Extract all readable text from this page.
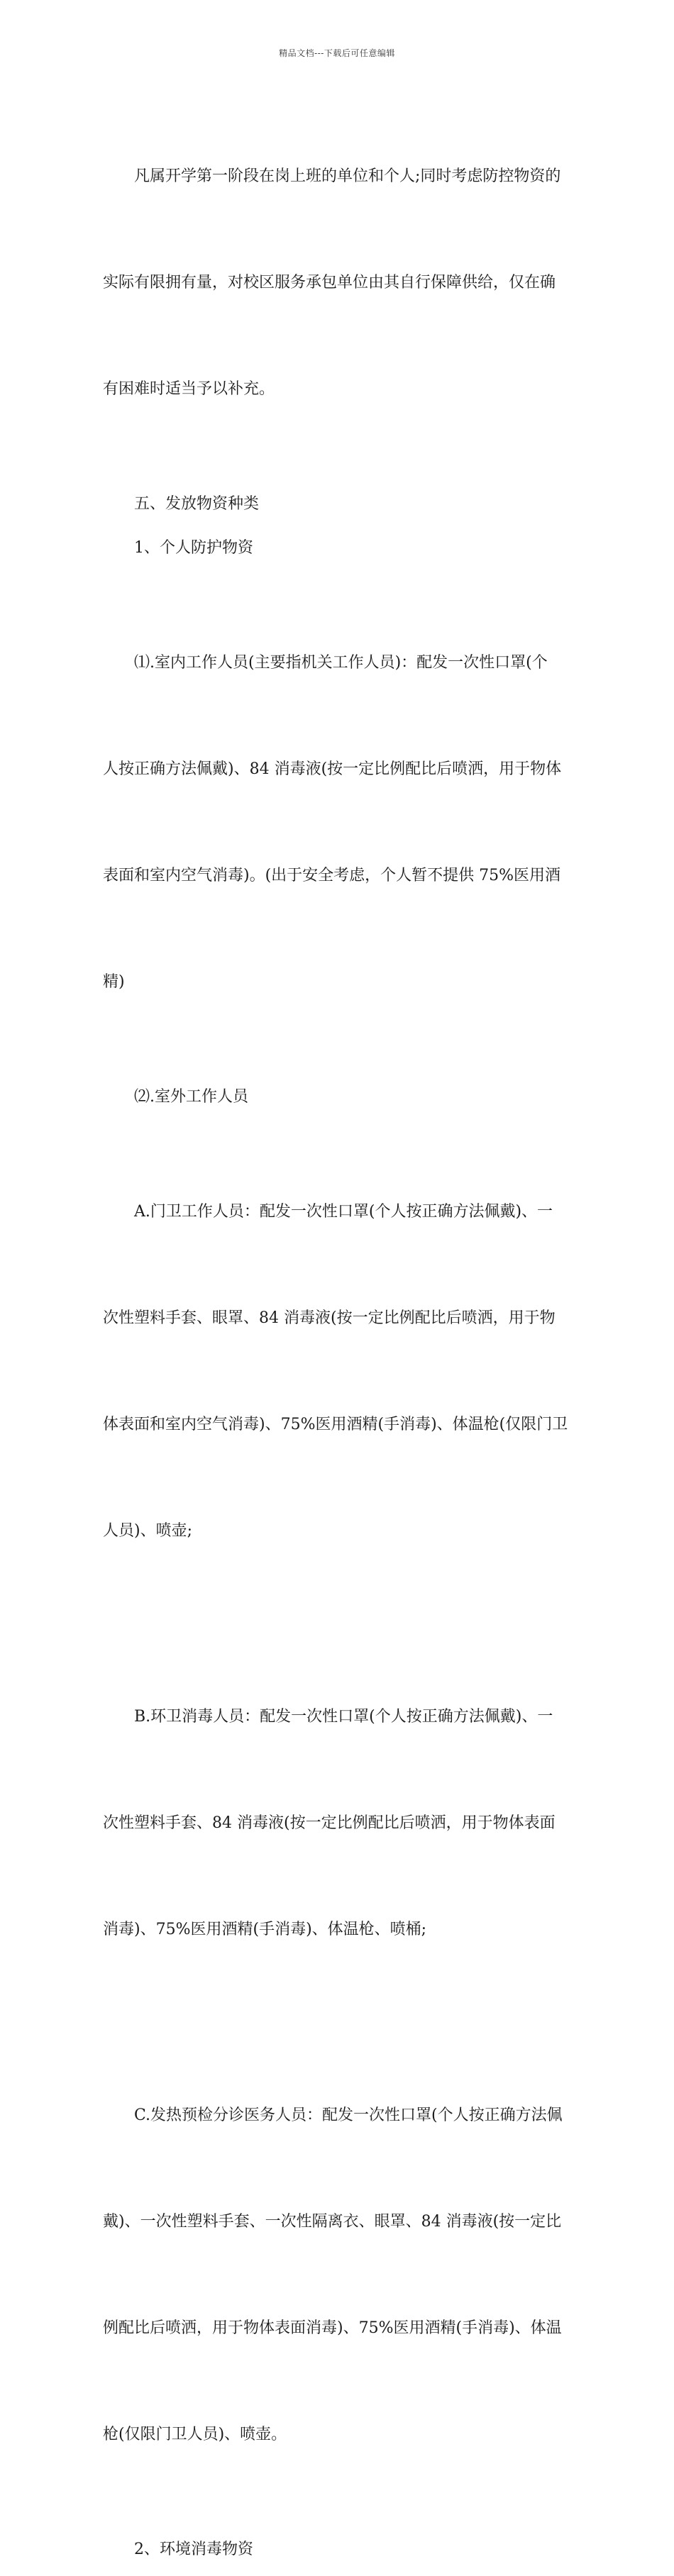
精品文档---下载后可任意编辑

凡属开学第一阶段在岗上班的单位和个人;同时考虑防控物资的

实际有限拥有量，对校区服务承包单位由其自行保障供给，仅在确

有困难时适当予以补充。

五、发放物资种类
1、个人防护物资

⑴.室内工作人员(主要指机关工作人员)：配发一次性口罩(个

人按正确方法佩戴)、84 消毒液(按一定比例配比后喷洒，用于物体

表面和室内空气消毒)。(出于安全考虑，个人暂不提供 75%医用酒

精)

⑵.室外工作人员

A.门卫工作人员：配发一次性口罩(个人按正确方法佩戴)、一

次性塑料手套、眼罩、84 消毒液(按一定比例配比后喷洒，用于物

体表面和室内空气消毒)、75%医用酒精(手消毒)、体温枪(仅限门卫

人员)、喷壶;

B.环卫消毒人员：配发一次性口罩(个人按正确方法佩戴)、一

次性塑料手套、84 消毒液(按一定比例配比后喷洒，用于物体表面

消毒)、75%医用酒精(手消毒)、体温枪、喷桶;

C.发热预检分诊医务人员：配发一次性口罩(个人按正确方法佩

戴)、一次性塑料手套、一次性隔离衣、眼罩、84 消毒液(按一定比

例配比后喷洒，用于物体表面消毒)、75%医用酒精(手消毒)、体温

枪(仅限门卫人员)、喷壶。

2、环境消毒物资
